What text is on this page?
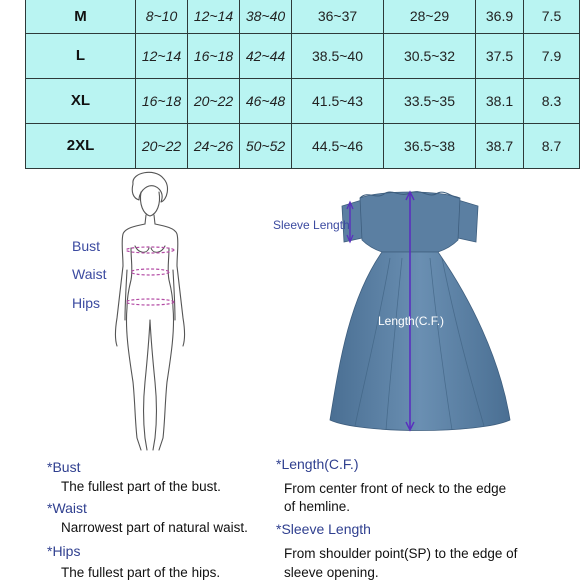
M	8~10	12~14	38~40	36~37	28~29	36.9	7.5
L	12~14	16~18	42~44	38.5~40	30.5~32	37.5	7.9
XL	16~18	20~22	46~48	41.5~43	33.5~35	38.1	8.3
2XL	20~22	24~26	50~52	44.5~46	36.5~38	38.7	8.7
Bust
Waist
Hips
Sleeve Length
Length(C.F.)
*Bust
The fullest part of the bust.
*Waist
Narrowest part of natural waist.
*Hips
The fullest part of the hips.
*Length(C.F.)
From center front of neck to the edge
of hemline.
*Sleeve Length
From shoulder point(SP) to the edge of
sleeve opening.
